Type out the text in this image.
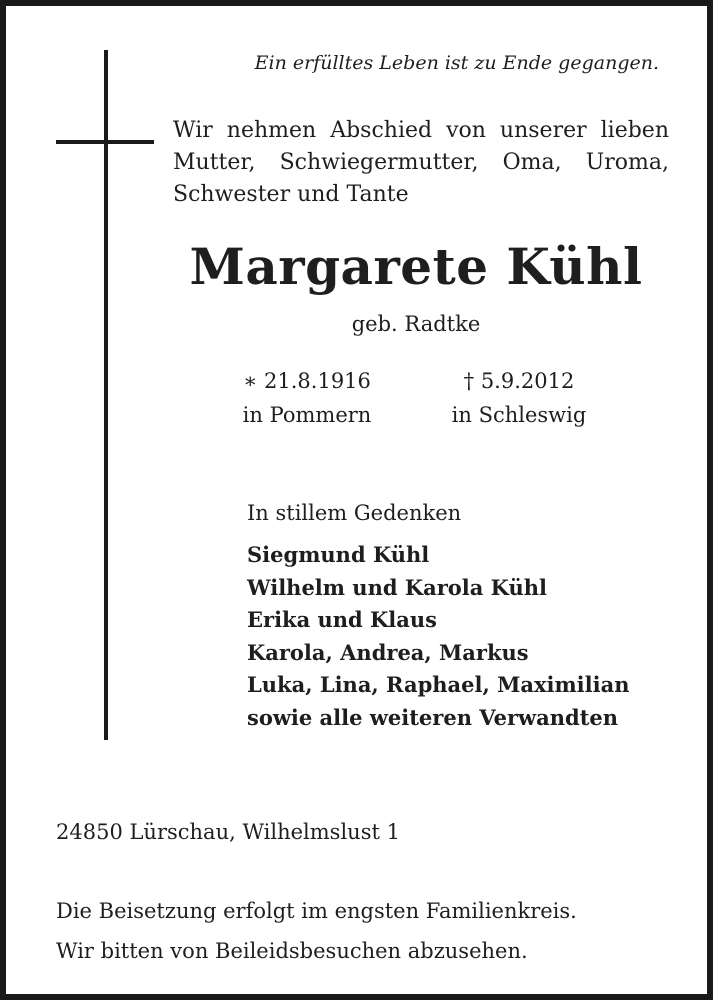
Ein erfülltes Leben ist zu Ende gegangen.
Wir nehmen Abschied von unserer lieben Mutter, Schwiegermutter, Oma, Uroma, Schwester und Tante
Margarete Kühl
geb. Radtke
∗ 21.8.1916
in Pommern
† 5.9.2012
in Schleswig
In stillem Gedenken
Siegmund Kühl
Wilhelm und Karola Kühl
Erika und Klaus
Karola, Andrea, Markus
Luka, Lina, Raphael, Maximilian
sowie alle weiteren Verwandten
24850 Lürschau, Wilhelmslust 1
Die Beisetzung erfolgt im engsten Familienkreis.
Wir bitten von Beileidsbesuchen abzusehen.
